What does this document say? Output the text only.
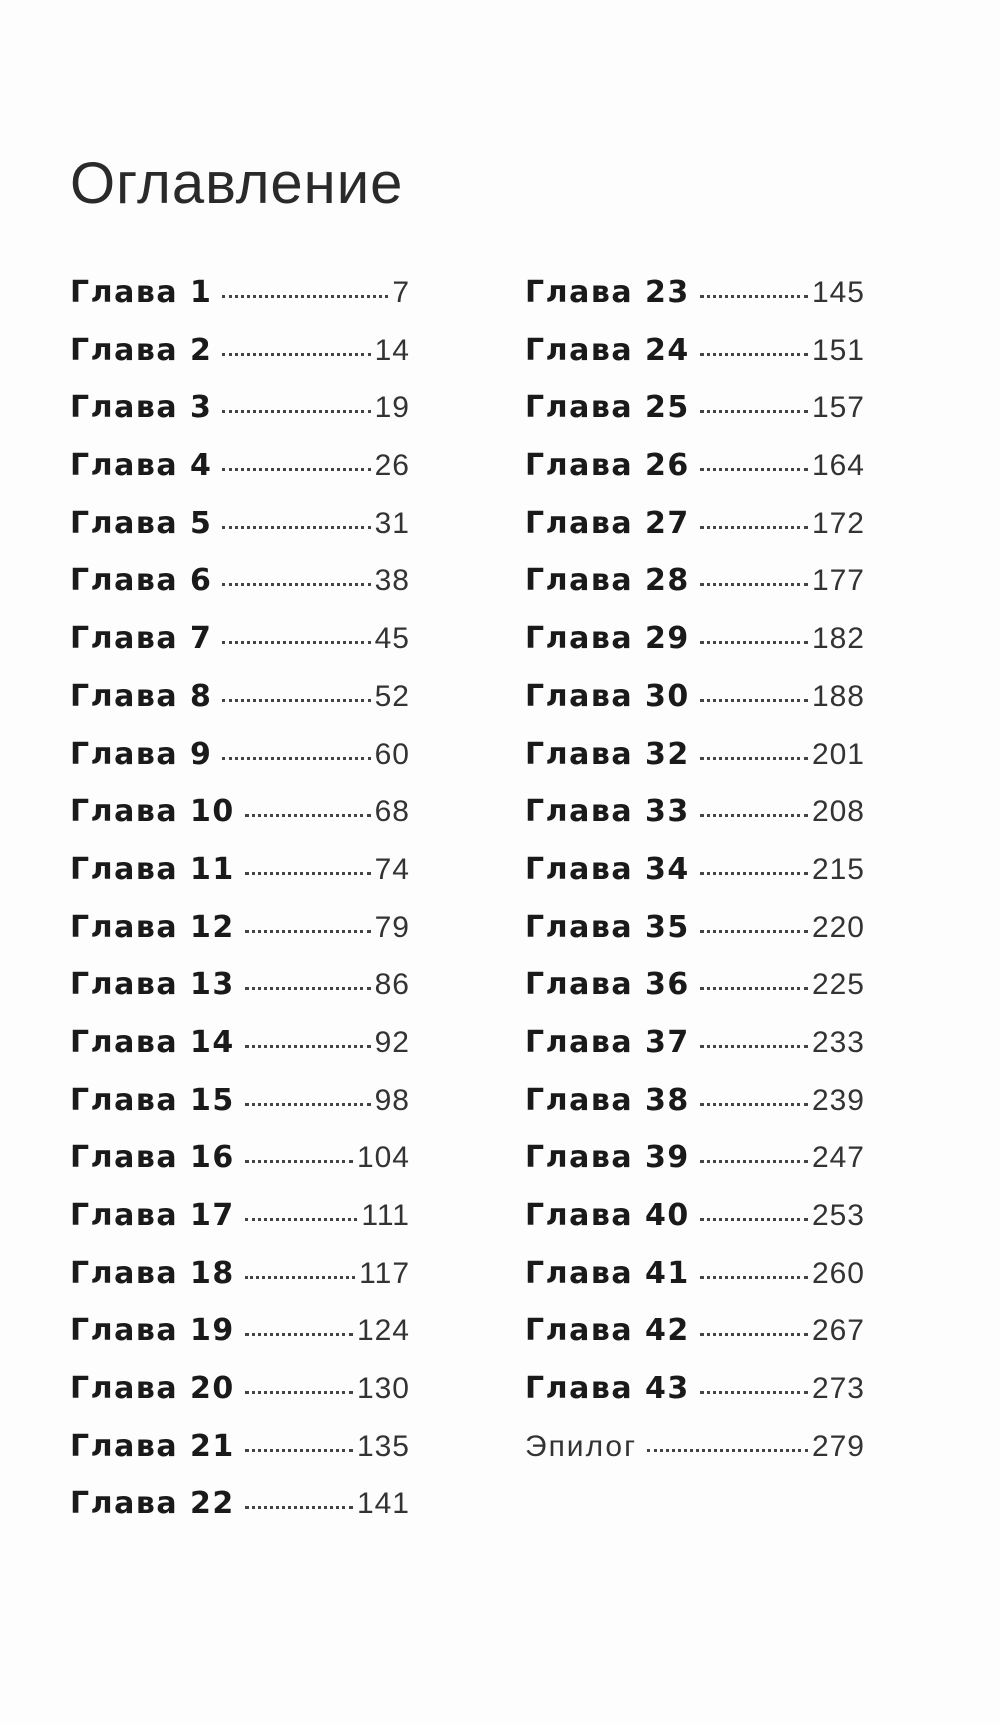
Оглавление
Глава 1	7
Глава 2	14
Глава 3	19
Глава 4	26
Глава 5	31
Глава 6	38
Глава 7	45
Глава 8	52
Глава 9	60
Глава 10	68
Глава 11	74
Глава 12	79
Глава 13	86
Глава 14	92
Глава 15	98
Глава 16	104
Глава 17	111
Глава 18	117
Глава 19	124
Глава 20	130
Глава 21	135
Глава 22	141
Глава 23	145
Глава 24	151
Глава 25	157
Глава 26	164
Глава 27	172
Глава 28	177
Глава 29	182
Глава 30	188
Глава 32	201
Глава 33	208
Глава 34	215
Глава 35	220
Глава 36	225
Глава 37	233
Глава 38	239
Глава 39	247
Глава 40	253
Глава 41	260
Глава 42	267
Глава 43	273
Эпилог	279
